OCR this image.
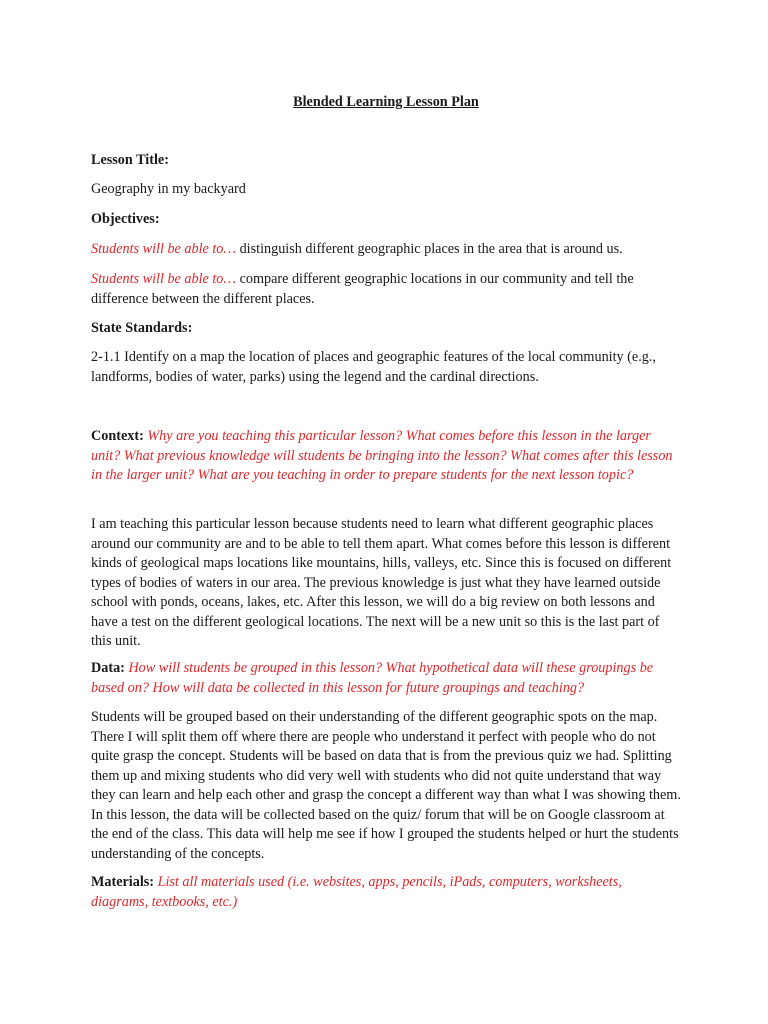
Blended Learning Lesson Plan
Lesson Title:
Geography in my backyard
Objectives:
Students will be able to… distinguish different geographic places in the area that is around us.
Students will be able to… compare different geographic locations in our community and tell the difference between the different places.
State Standards:
2-1.1 Identify on a map the location of places and geographic features of the local community (e.g., landforms, bodies of water, parks) using the legend and the cardinal directions.
Context: Why are you teaching this particular lesson? What comes before this lesson in the larger unit? What previous knowledge will students be bringing into the lesson? What comes after this lesson in the larger unit? What are you teaching in order to prepare students for the next lesson topic?
I am teaching this particular lesson because students need to learn what different geographic places around our community are and to be able to tell them apart. What comes before this lesson is different kinds of geological maps locations like mountains, hills, valleys, etc. Since this is focused on different types of bodies of waters in our area. The previous knowledge is just what they have learned outside school with ponds, oceans, lakes, etc. After this lesson, we will do a big review on both lessons and have a test on the different geological locations. The next will be a new unit so this is the last part of this unit.
Data: How will students be grouped in this lesson? What hypothetical data will these groupings be based on? How will data be collected in this lesson for future groupings and teaching?
Students will be grouped based on their understanding of the different geographic spots on the map. There I will split them off where there are people who understand it perfect with people who do not quite grasp the concept. Students will be based on data that is from the previous quiz we had. Splitting them up and mixing students who did very well with students who did not quite understand that way they can learn and help each other and grasp the concept a different way than what I was showing them. In this lesson, the data will be collected based on the quiz/ forum that will be on Google classroom at the end of the class. This data will help me see if how I grouped the students helped or hurt the students understanding of the concepts.
Materials: List all materials used (i.e. websites, apps, pencils, iPads, computers, worksheets, diagrams, textbooks, etc.)
